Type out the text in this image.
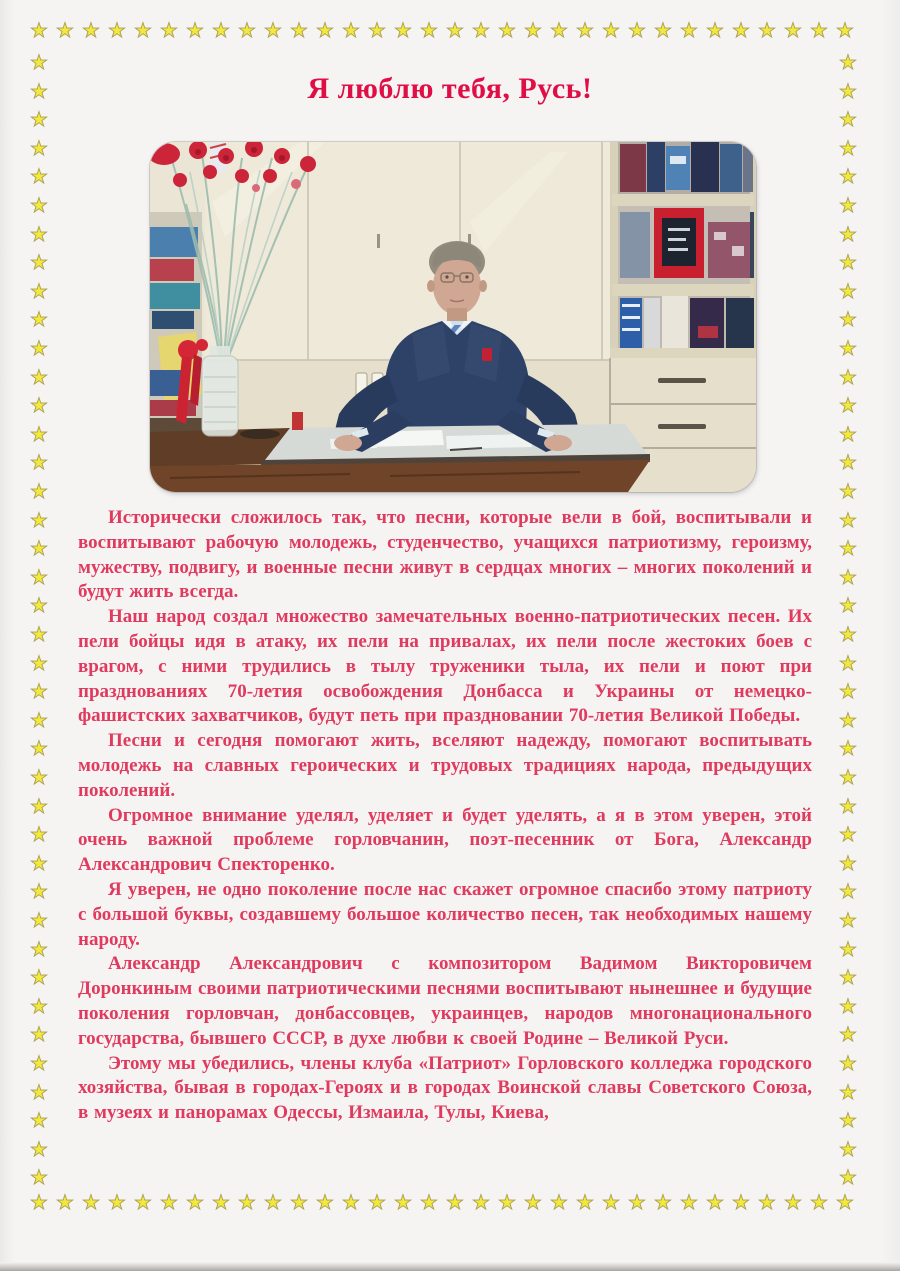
★
★
★
★
★
★
★
★
★
★
★
★
★
★
★
★
★
★
★
★
★
★
★
★
★
★
★
★
★
★
★
★
★
★
★
★
★
★
★
★
★
★
★
★
★
★
★
★
★
★
★
★
★
★
★
★
★
★
★
★
★
★
★
★
★	★
★	★
★	★
★	★
★	★
★	★
★	★
★	★
★	★
★	★
★	★
★	★
★	★
★	★
★	★
★	★
★	★
★	★
★	★
★	★
★	★
★	★
★	★
★	★
★	★
★	★
★	★
★	★
★	★
★	★
★	★
★	★
★	★
★	★
★	★
★	★
★	★
★	★
★	★
★	★
Я люблю тебя, Русь!

Исторически сложилось так, что песни, которые вели в бой, воспитывали и воспитывают рабочую молодежь, студенчество, учащихся патриотизму, героизму, мужеству, подвигу, и военные песни живут в сердцах многих – многих поколений и будут жить всегда.

Наш народ создал множество замечательных военно-патриотических песен. Их пели бойцы идя в атаку, их пели на привалах, их пели после жестоких боев с врагом, с ними трудились в тылу труженики тыла, их пели и поют при празднованиях 70-летия освобождения Донбасса и Украины от немецко-фашистских захватчиков, будут петь при праздновании 70-летия Великой Победы.

Песни и сегодня помогают жить, вселяют надежду, помогают воспитывать молодежь на славных героических и трудовых традициях народа, предыдущих поколений.

Огромное внимание уделял, уделяет и будет уделять, а я в этом уверен, этой очень важной проблеме горловчанин, поэт-песенник от Бога, Александр Александрович Спекторенко.

Я уверен, не одно поколение после нас скажет огромное спасибо этому патриоту с большой буквы, создавшему большое количество песен, так необходимых нашему народу.

Александр Александрович с композитором Вадимом Викторовичем Доронкиным своими патриотическими песнями воспитывают нынешнее и будущие поколения горловчан, донбассовцев, украинцев, народов многонационального государства, бывшего СССР, в духе любви к своей Родине – Великой Руси.

Этому мы убедились, члены клуба «Патриот» Горловского колледжа городского хозяйства, бывая в городах-Героях и в городах Воинской славы Советского Союза, в музеях и панорамах Одессы, Измаила, Тулы, Киева,
